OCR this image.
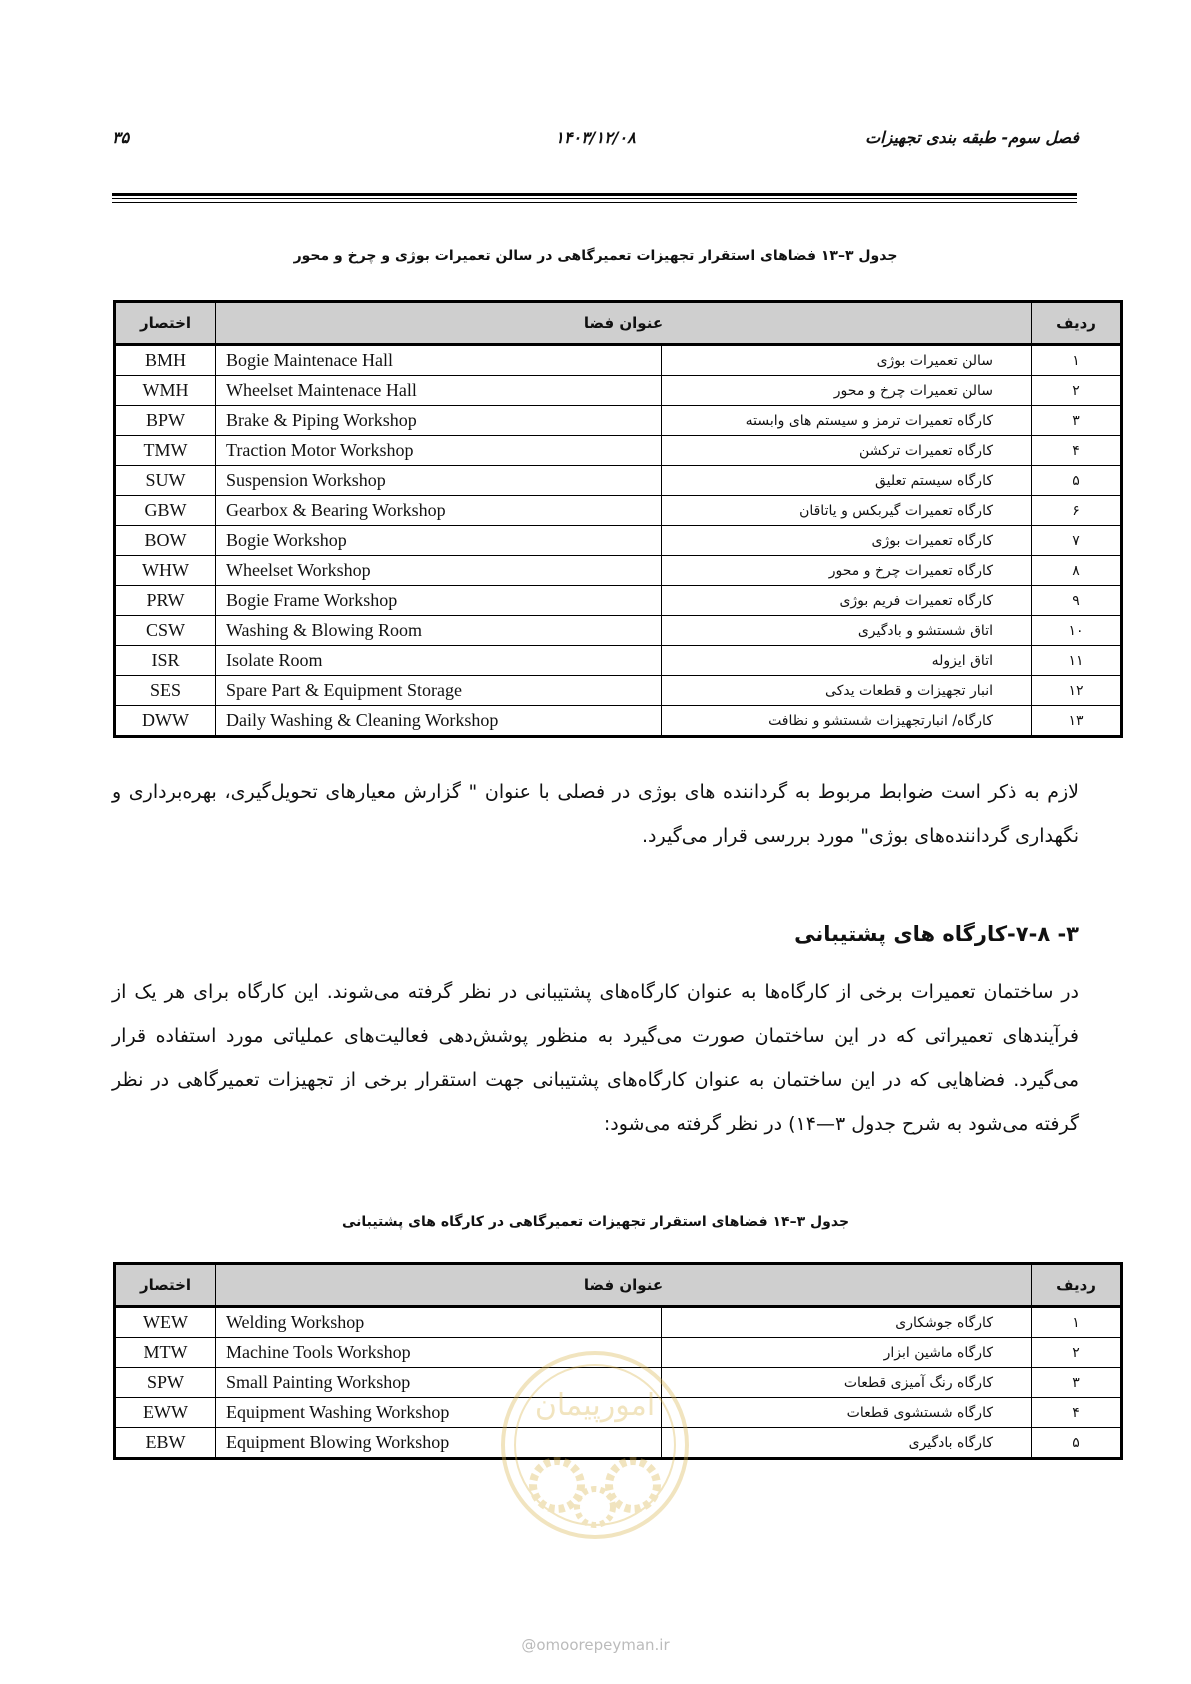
فصل سوم- طبقه بندی تجهیزات
۱۴۰۳/۱۲/۰۸
۳۵
جدول ۳–۱۳ فضاهای استقرار تجهیزات تعمیرگاهی در سالن تعمیرات بوژی و چرخ و محور
اختصار	عنوان فضا		ردیف
BMH	Bogie Maintenace Hall	سالن تعمیرات بوژی	۱
WMH	Wheelset Maintenace Hall	سالن تعمیرات چرخ و محور	۲
BPW	Brake & Piping Workshop	کارگاه تعمیرات ترمز و سیستم های وابسته	۳
TMW	Traction Motor Workshop	کارگاه تعمیرات ترکشن	۴
SUW	Suspension Workshop	کارگاه سیستم تعلیق	۵
GBW	Gearbox & Bearing Workshop	کارگاه تعمیرات گیربکس و یاتاقان	۶
BOW	Bogie Workshop	کارگاه تعمیرات بوژی	۷
WHW	Wheelset Workshop	کارگاه تعمیرات چرخ و محور	۸
PRW	Bogie Frame Workshop	کارگاه تعمیرات فریم بوژی	۹
CSW	Washing & Blowing Room	اتاق شستشو و بادگیری	۱۰
ISR	Isolate Room	اتاق ایزوله	۱۱
SES	Spare Part & Equipment Storage	انبار تجهیزات و قطعات یدکی	۱۲
DWW	Daily Washing & Cleaning Workshop	کارگاه/ انبارتجهیزات شستشو و نظافت	۱۳
لازم به ذکر است ضوابط مربوط به گرداننده های بوژی در فصلی با عنوان " گزارش معیارهای تحویل‌گیری، بهره‌برداری و نگهداری گرداننده‌های بوژی" مورد بررسی قرار می‌گیرد.
۳- ۷-۸-کارگاه های پشتیبانی
در ساختمان تعمیرات برخی از کارگاه‌ها به عنوان کارگاه‌های پشتیبانی در نظر گرفته می‌شوند. این کارگاه برای هر یک از فرآیندهای تعمیراتی که در این ساختمان صورت می‌گیرد به منظور پوشش‌دهی فعالیت‌های عملیاتی مورد استفاده قرار می‌گیرد. فضاهایی که در این ساختمان به عنوان کارگاه‌های پشتیبانی جهت استقرار برخی از تجهیزات تعمیرگاهی در نظر گرفته می‌شود به شرح جدول ۳—۱۴) در نظر گرفته می‌شود:
جدول ۳–۱۴ فضاهای استقرار تجهیزات تعمیرگاهی در کارگاه های پشتیبانی
اختصار	عنوان فضا		ردیف
WEW	Welding Workshop	کارگاه جوشکاری	۱
MTW	Machine Tools Workshop	کارگاه ماشین ابزار	۲
SPW	Small Painting Workshop	کارگاه رنگ آمیزی قطعات	۳
EWW	Equipment Washing Workshop	کارگاه شستشوی قطعات	۴
EBW	Equipment Blowing Workshop	کارگاه بادگیری	۵
امورپیمان
@omoorepeyman.ir
